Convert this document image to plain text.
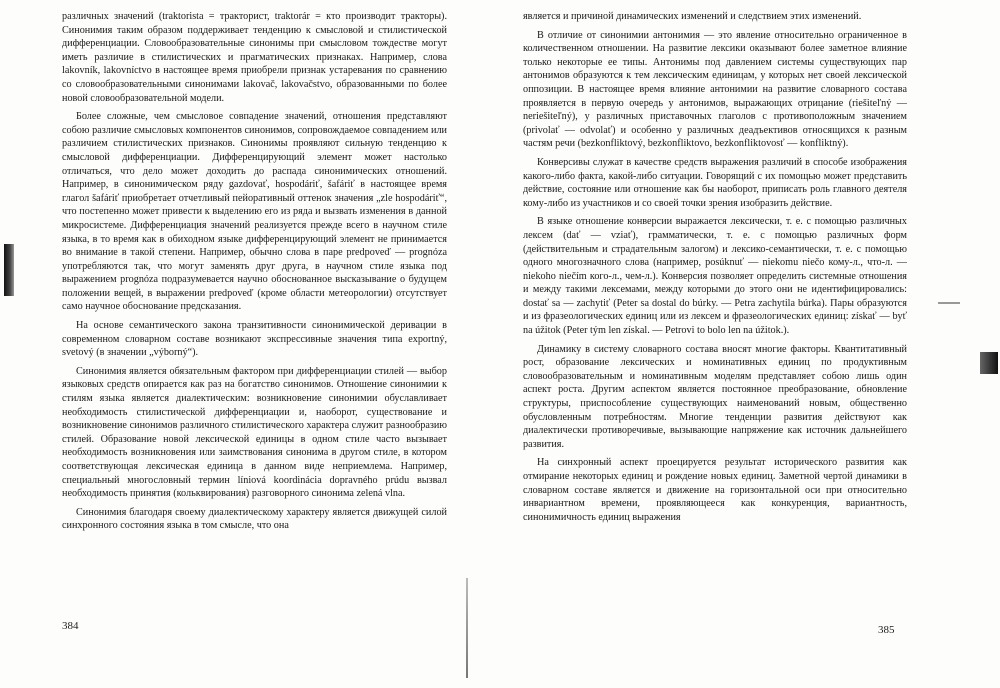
различных значений (traktorista = тракторист, traktorár = кто производит тракторы). Синонимия таким образом поддерживает тенденцию к смысловой и стилистической дифференциации. Словообразовательные синонимы при смысловом тождестве могут иметь различие в стилистических и прагматических признаках. Например, слова lakovník, lakovníctvo в настоящее время приобрели признак устаревания по сравнению со словообразовательными синонимами lakovač, lakovačstvo, образованными по более новой словообразовательной модели.

Более сложные, чем смысловое совпадение значений, отношения представляют собою различие смысловых компонентов синонимов, сопровождаемое совпадением или различием стилистических признаков. Синонимы проявляют сильную тенденцию к смысловой дифференциации. Дифференцирующий элемент может настолько отличаться, что дело может доходить до распада синонимических отношений. Например, в синонимическом ряду gazdovať, hospodáriť, šafáriť в настоящее время глагол šafáriť приобретает отчетливый пейоративный оттенок значения „zle hospodáriť“, что постепенно может привести к выделению его из ряда и вызвать изменения в данной микросистеме. Дифференциация значений реализуется прежде всего в научном стиле языка, в то время как в обиходном языке дифференцирующий элемент не принимается во внимание в такой степени. Например, обычно слова в паре predpoveď — prognóza употребляются так, что могут заменять друг друга, в научном стиле языка под выражением prognóza подразумевается научно обоснованное высказывание о будущем положении вещей, в выражении predpoveď (кроме области метеорологии) отсутствует само научное обоснование предсказания.

На основе семантического закона транзитивности синонимической деривации в современном словарном составе возникают экспрессивные значения типа exportný, svetový (в значении „výborný“).

Синонимия является обязательным фактором при дифференциации стилей — выбор языковых средств опирается как раз на богатство синонимов. Отношение синонимии к стилям языка является диалектическим: возникновение синонимии обуславливает необходимость стилистической дифференциации и, наоборот, существование и возникновение синонимов различного стилистического характера служит разнообразию стилей. Образование новой лексической единицы в одном стиле часто вызывает необходимость возникновения или заимствования синонима в другом стиле, в котором соответствующая лексическая единица в данном виде неприемлема. Например, специальный многословный термин líniová koordinácia dopravného prúdu вызвал необходимость принятия (кольквирования) разговорного синонима zelená vlna.

Синонимия благодаря своему диалектическому характеру является движущей силой синхронного состояния языка в том смысле, что она

384

является и причиной динамических изменений и следствием этих изменений.

В отличие от синонимии антонимия — это явление относительно ограниченное в количественном отношении. На развитие лексики оказывают более заметное влияние только некоторые ее типы. Антонимы под давлением системы существующих пар антонимов образуются к тем лексическим единицам, у которых нет своей лексической оппозиции. В настоящее время влияние антонимии на развитие словарного состава проявляется в первую очередь у антонимов, выражающих отрицание (riešiteľný — neriešiteľný), у различных приставочных глаголов с противоположным значением (privolať — odvolať) и особенно у различных деадъективов относящихся к разным частям речи (bezkonfliktový, bezkonfliktovo, bezkonfliktovosť — konfliktný).

Конверсивы служат в качестве средств выражения различий в способе изображения какого-либо факта, какой-либо ситуации. Говорящий с их помощью может представить действие, состояние или отношение как бы наоборот, приписать роль главного деятеля кому-либо из участников и со своей точки зрения изобразить действие.

В языке отношение конверсии выражается лексически, т. е. с помощью различных лексем (dať — vziať), грамматически, т. е. с помощью различных форм (действительным и страдательным залогом) и лексико-семантически, т. е. с помощью одного многозначного слова (например, posúknuť — niekomu niečo кому-л., что-л. — niekoho niečím кого-л., чем-л.). Конверсия позволяет определить системные отношения и между такими лексемами, между которыми до этого они не идентифицировались: dostať sa — zachytiť (Peter sa dostal do búrky. — Petra zachytila búrka). Пары образуются и из фразеологических единиц или из лексем и фразеологических единиц: získať — byť na úžitok (Peter tým len získal. — Petrovi to bolo len na úžitok.).

Динамику в систему словарного состава вносят многие факторы. Квантитативный рост, образование лексических и номинативных единиц по продуктивным словообразовательным и номинативным моделям представляет собою лишь один аспект роста. Другим аспектом является постоянное преобразование, обновление структуры, приспособление существующих наименований новым, общественно обусловленным потребностям. Многие тенденции развития действуют как диалектически противоречивые, вызывающие напряжение как источник дальнейшего развития.

На синхронный аспект проецируется результат исторического развития как отмирание некоторых единиц и рождение новых единиц. Заметной чертой динамики в словарном составе является и движение на горизонтальной оси при относительно инвариантном времени, проявляющееся как конкуренция, вариантность, синонимичность единиц выражения

385
